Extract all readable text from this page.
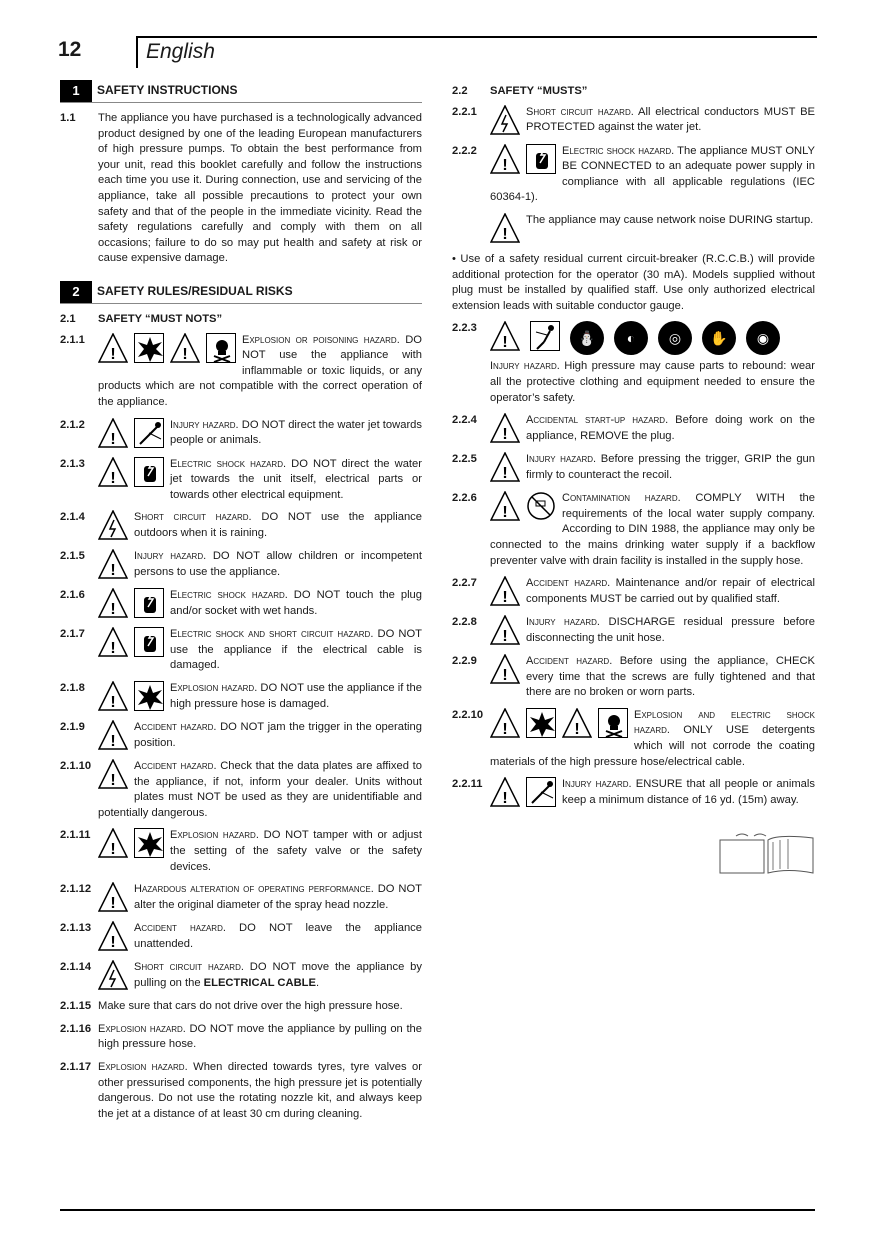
12	English
1	SAFETY INSTRUCTIONS
1.1	The appliance you have purchased is a technologically advanced product designed by one of the leading European manufacturers of high pressure pumps. To obtain the best performance from your unit, read this booklet carefully and follow the instructions each time you use it. During connection, use and servicing of the appliance, take all possible precautions to protect your own safety and that of the people in the immediate vicinity. Read the safety regulations carefully and comply with them on all occasions; failure to do so may put health and safety at risk or cause expensive damage.
2	SAFETY RULES/RESIDUAL RISKS
2.1	SAFETY “MUST NOTS”
2.1.1
!	!
Explosion or poisoning hazard. DO NOT use the appliance with inflammable or toxic liquids, or any products which are not compatible with the correct operation of the appliance.
2.1.2
!
Injury hazard. DO NOT direct the water jet towards people or animals.
2.1.3
!
Electric shock hazard. DO NOT direct the water jet towards the unit itself, electrical parts or towards other electrical equipment.
2.1.4	Short circuit hazard. DO NOT use the appliance outdoors when it is raining.
2.1.5
!
Injury hazard. DO NOT allow children or incompetent persons to use the appliance.
2.1.6
!
Electric shock hazard. DO NOT touch the plug and/or socket with wet hands.
2.1.7
!
Electric shock and short circuit hazard. DO NOT use the appliance if the electrical cable is damaged.
2.1.8
!
Explosion hazard. DO NOT use the appliance if the high pressure hose is damaged.
2.1.9
!
Accident hazard. DO NOT jam the trigger in the operating position.
2.1.10
!
Accident hazard. Check that the data plates are affixed to the appliance, if not, inform your dealer. Units without plates must NOT be used as they are unidentifiable and potentially dangerous.
2.1.11
!
Explosion hazard. DO NOT tamper with or adjust the setting of the safety valve or the safety devices.
2.1.12
!
Hazardous alteration of operating performance. DO NOT alter the original diameter of the spray head nozzle.
2.1.13
!
Accident hazard. DO NOT leave the appliance unattended.
2.1.14	Short circuit hazard. DO NOT move the appliance by pulling on the ELECTRICAL CABLE.
2.1.15 Make sure that cars do not drive over the high pressure hose.
2.1.16 Explosion hazard. DO NOT move the appliance by pulling on the high pressure hose.
2.1.17 Explosion hazard. When directed towards tyres, tyre valves or other pressurised components, the high pressure jet is potentially dangerous. Do not use the rotating nozzle kit, and always keep the jet at a distance of at least 30 cm during cleaning.
2.2	SAFETY “MUSTS”
2.2.1	Short circuit hazard. All electrical conductors MUST BE PROTECTED against the water jet.
2.2.2
!
Electric shock hazard. The appliance MUST ONLY BE CONNECTED to an adequate power supply in compliance with all applicable regulations (IEC 60364-1).
!
The appliance may cause network noise DURING startup.
• Use of a safety residual current circuit-breaker (R.C.C.B.) will provide additional protection for the operator (30 mA). Models supplied without plug must be installed by qualified staff. Use only authorized electrical extension leads with suitable conductor gauge.
2.2.3
!	⛄	◐	◎	✋	◉
Injury hazard. High pressure may cause parts to rebound: wear all the protective clothing and equipment needed to ensure the operator’s safety.
2.2.4
!
Accidental start-up hazard. Before doing work on the appliance, REMOVE the plug.
2.2.5
!
Injury hazard. Before pressing the trigger, GRIP the gun firmly to counteract the recoil.
2.2.6
!
Contamination hazard. COMPLY WITH the requirements of the local water supply company. According to DIN 1988, the appliance may only be connected to the mains drinking water supply if a backflow preventer valve with drain facility is installed in the supply hose.
2.2.7
!
Accident hazard. Maintenance and/or repair of electrical components MUST be carried out by qualified staff.
2.2.8
!
Injury hazard. DISCHARGE residual pressure before disconnecting the unit hose.
2.2.9
!
Accident hazard. Before using the appliance, CHECK every time that the screws are fully tightened and that there are no broken or worn parts.
2.2.10
!	!
Explosion and electric shock hazard. ONLY USE detergents which will not corrode the coating materials of the high pressure hose/electrical cable.
2.2.11
!
Injury hazard. ENSURE that all people or animals keep a minimum distance of 16 yd. (15m) away.
